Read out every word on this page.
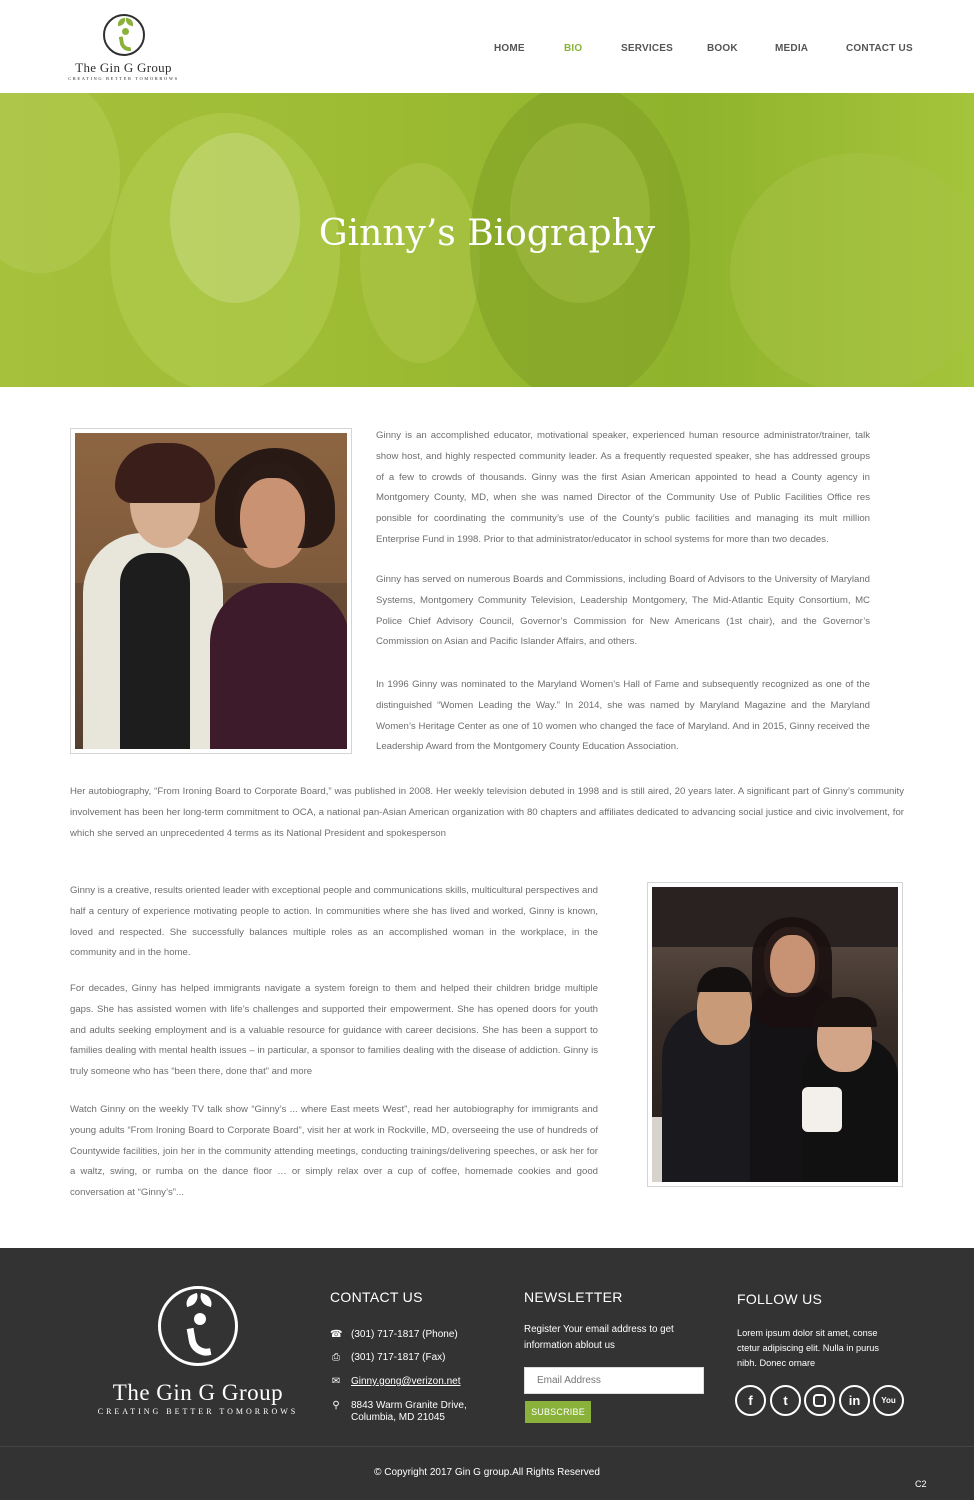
The Gin G Group
CREATING BETTER TOMORROWS
HOME	BIO	SERVICES	BOOK	MEDIA	CONTACT US
Ginny’s Biography
Ginny is an accomplished educator, motivational speaker, experienced human resource administrator/trainer, talk show host, and highly respected community leader. As a frequently requested speaker, she has addressed groups of a few to crowds of thousands. Ginny was the first Asian American appointed to head a County agency in Montgomery County, MD, when she was named Director of the Community Use of Public Facilities Office res ponsible for coordinating the community’s use of the County’s public facilities and managing its mult million Enterprise Fund in 1998. Prior to that administrator/educator in school systems for more than two decades.
Ginny has served on numerous Boards and Commissions, including Board of Advisors to the University of Maryland Systems, Montgomery Community Television, Leadership Montgomery, The Mid-Atlantic Equity Consortium, MC Police Chief Advisory Council, Governor’s Commission for New Americans (1st chair), and the Governor’s Commission on Asian and Pacific Islander Affairs, and others.
In 1996 Ginny was nominated to the Maryland Women’s Hall of Fame and subsequently recognized as one of the distinguished “Women Leading the Way.” In 2014, she was named by Maryland Magazine and the Maryland Women’s Heritage Center as one of 10 women who changed the face of Maryland. And in 2015, Ginny received the Leadership Award from the Montgomery County Education Association.
Her autobiography, “From Ironing Board to Corporate Board,” was published in 2008. Her weekly television debuted in 1998 and is still aired, 20 years later. A significant part of Ginny’s community involvement has been her long-term commitment to OCA, a national pan-Asian American organization with 80 chapters and affiliates dedicated to advancing social justice and civic involvement, for which she served an unprecedented 4 terms as its National President and spokesperson
Ginny is a creative, results oriented leader with exceptional people and communications skills, multicultural perspectives and half a century of experience motivating people to action. In communities where she has lived and worked, Ginny is known, loved and respected. She successfully balances multiple roles as an accomplished woman in the workplace, in the community and in the home.
For decades, Ginny has helped immigrants navigate a system foreign to them and helped their children bridge multiple gaps. She has assisted women with life’s challenges and supported their empowerment. She has opened doors for youth and adults seeking employment and is a valuable resource for guidance with career decisions. She has been a support to families dealing with mental health issues – in particular, a sponsor to families dealing with the disease of addiction. Ginny is truly someone who has “been there, done that” and more
Watch Ginny on the weekly TV talk show “Ginny’s ... where East meets West”, read her autobiography for immigrants and young adults “From Ironing Board to Corporate Board”, visit her at work in Rockville, MD, overseeing the use of hundreds of Countywide facilities, join her in the community attending meetings, conducting trainings/delivering speeches, or ask her for a waltz, swing, or rumba on the dance floor … or simply relax over a cup of coffee, homemade cookies and good conversation at “Ginny’s”...
The Gin G Group
CREATING BETTER TOMORROWS
CONTACT US
☎ (301) 717-1817 (Phone)
⎙ (301) 717-1817 (Fax)
✉ Ginny.gong@verizon.net
⚲ 8843 Warm Granite Drive,
Columbia, MD 21045
NEWSLETTER
Register Your email address to get information ablout us
Email Address
SUBSCRIBE
FOLLOW US
Lorem ipsum dolor sit amet, conse ctetur adipiscing elit. Nulla in purus nibh. Donec ornare
f	t	in	You
© Copyright 2017 Gin G group.All Rights Reserved
C2
